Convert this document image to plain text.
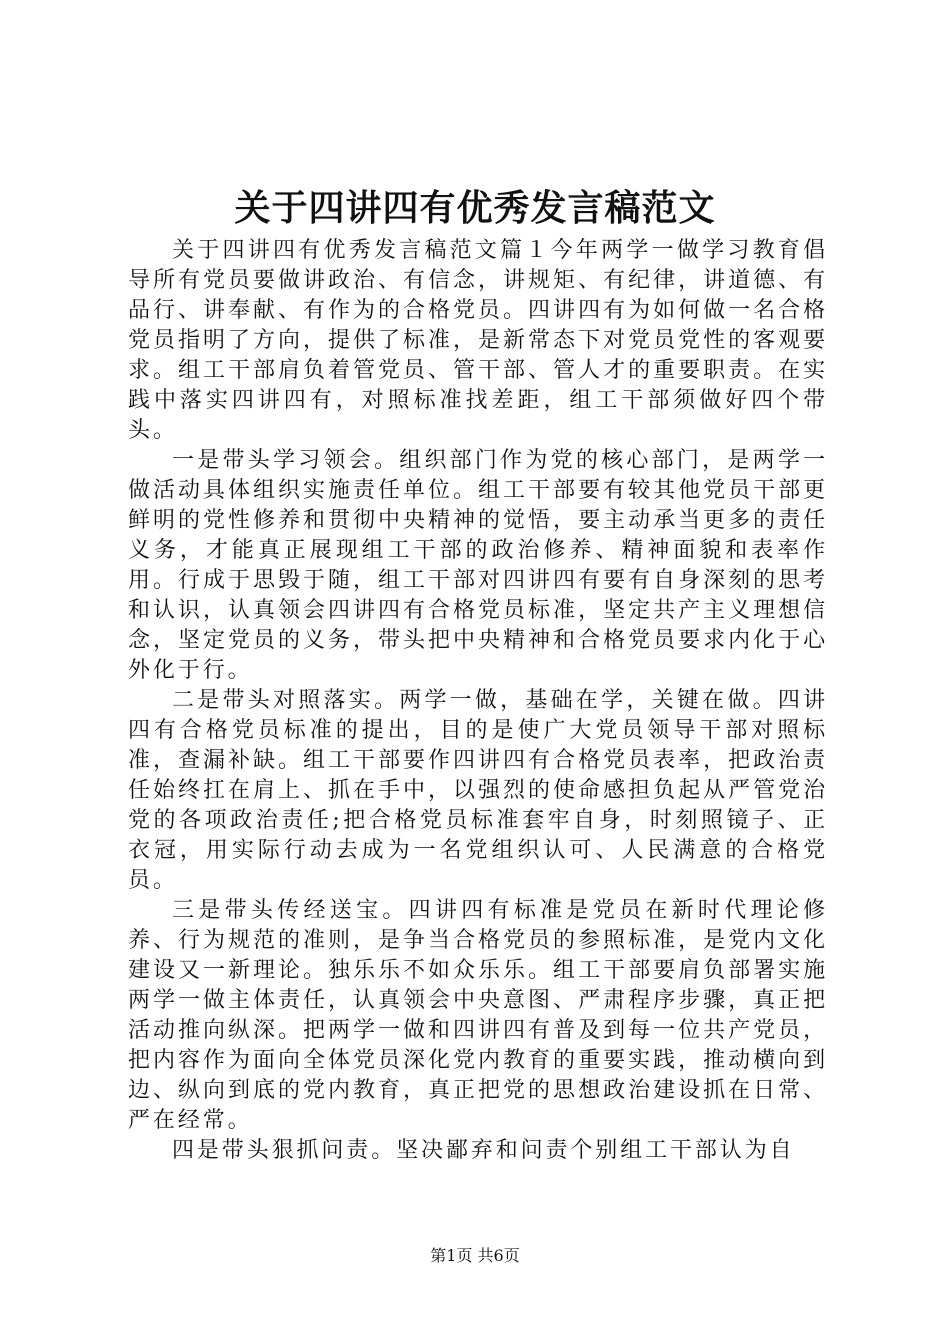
关于四讲四有优秀发言稿范文

关于四讲四有优秀发言稿范文篇１今年两学一做学习教育倡导所有党员要做讲政治、有信念，讲规矩、有纪律，讲道德、有品行、讲奉献、有作为的合格党员。四讲四有为如何做一名合格党员指明了方向，提供了标准，是新常态下对党员党性的客观要求。组工干部肩负着管党员、管干部、管人才的重要职责。在实践中落实四讲四有，对照标准找差距，组工干部须做好四个带头。

一是带头学习领会。组织部门作为党的核心部门，是两学一做活动具体组织实施责任单位。组工干部要有较其他党员干部更鲜明的党性修养和贯彻中央精神的觉悟，要主动承当更多的责任义务，才能真正展现组工干部的政治修养、精神面貌和表率作用。行成于思毁于随，组工干部对四讲四有要有自身深刻的思考和认识，认真领会四讲四有合格党员标准，坚定共产主义理想信念，坚定党员的义务，带头把中央精神和合格党员要求内化于心外化于行。

二是带头对照落实。两学一做，基础在学，关键在做。四讲四有合格党员标准的提出，目的是使广大党员领导干部对照标准，查漏补缺。组工干部要作四讲四有合格党员表率，把政治责任始终扛在肩上、抓在手中，以强烈的使命感担负起从严管党治党的各项政治责任;把合格党员标准套牢自身，时刻照镜子、正衣冠，用实际行动去成为一名党组织认可、人民满意的合格党员。

三是带头传经送宝。四讲四有标准是党员在新时代理论修养、行为规范的准则，是争当合格党员的参照标准，是党内文化建设又一新理论。独乐乐不如众乐乐。组工干部要肩负部署实施两学一做主体责任，认真领会中央意图、严肃程序步骤，真正把活动推向纵深。把两学一做和四讲四有普及到每一位共产党员，把内容作为面向全体党员深化党内教育的重要实践，推动横向到边、纵向到底的党内教育，真正把党的思想政治建设抓在日常、严在经常。

四是带头狠抓问责。坚决鄙弃和问责个别组工干部认为自

第1页 共6页
